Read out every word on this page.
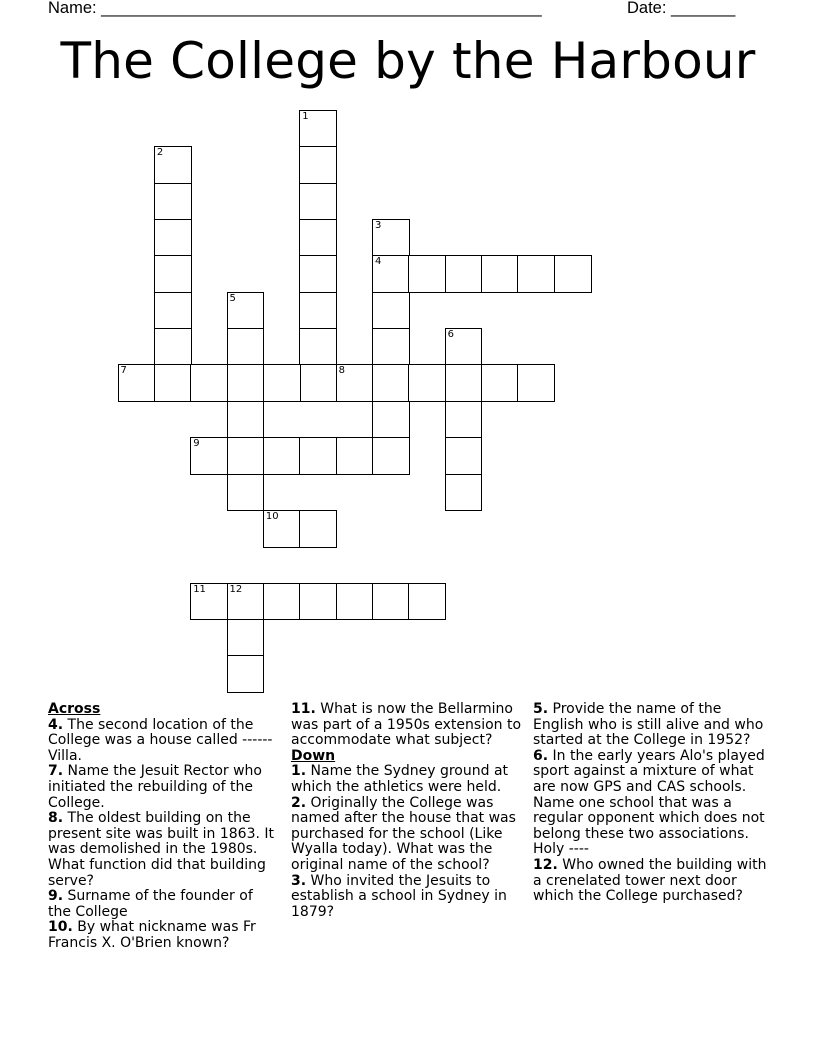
Name: ________________________________________________	Date: _______
The College by the Harbour
1
2
3
4
5
6
7	8
9
10
11 12
Across

4. The second location of the College was a house called ------ Villa.

7. Name the Jesuit Rector who initiated the rebuilding of the College.

8. The oldest building on the present site was built in 1863. It was demolished in the 1980s. What function did that building serve?

9. Surname of the founder of the College

10. By what nickname was Fr Francis X. O'Brien known?

11. What is now the Bellarmino was part of a 1950s extension to accommodate what subject?

Down

1. Name the Sydney ground at which the athletics were held.

2. Originally the College was named after the house that was purchased for the school (Like Wyalla today). What was the original name of the school?

3. Who invited the Jesuits to establish a school in Sydney in 1879?

5. Provide the name of the English who is still alive and who started at the College in 1952?

6. In the early years Alo's played sport against a mixture of what are now GPS and CAS schools. Name one school that was a regular opponent which does not belong these two associations. Holy ----

12. Who owned the building with a crenelated tower next door which the College purchased?
